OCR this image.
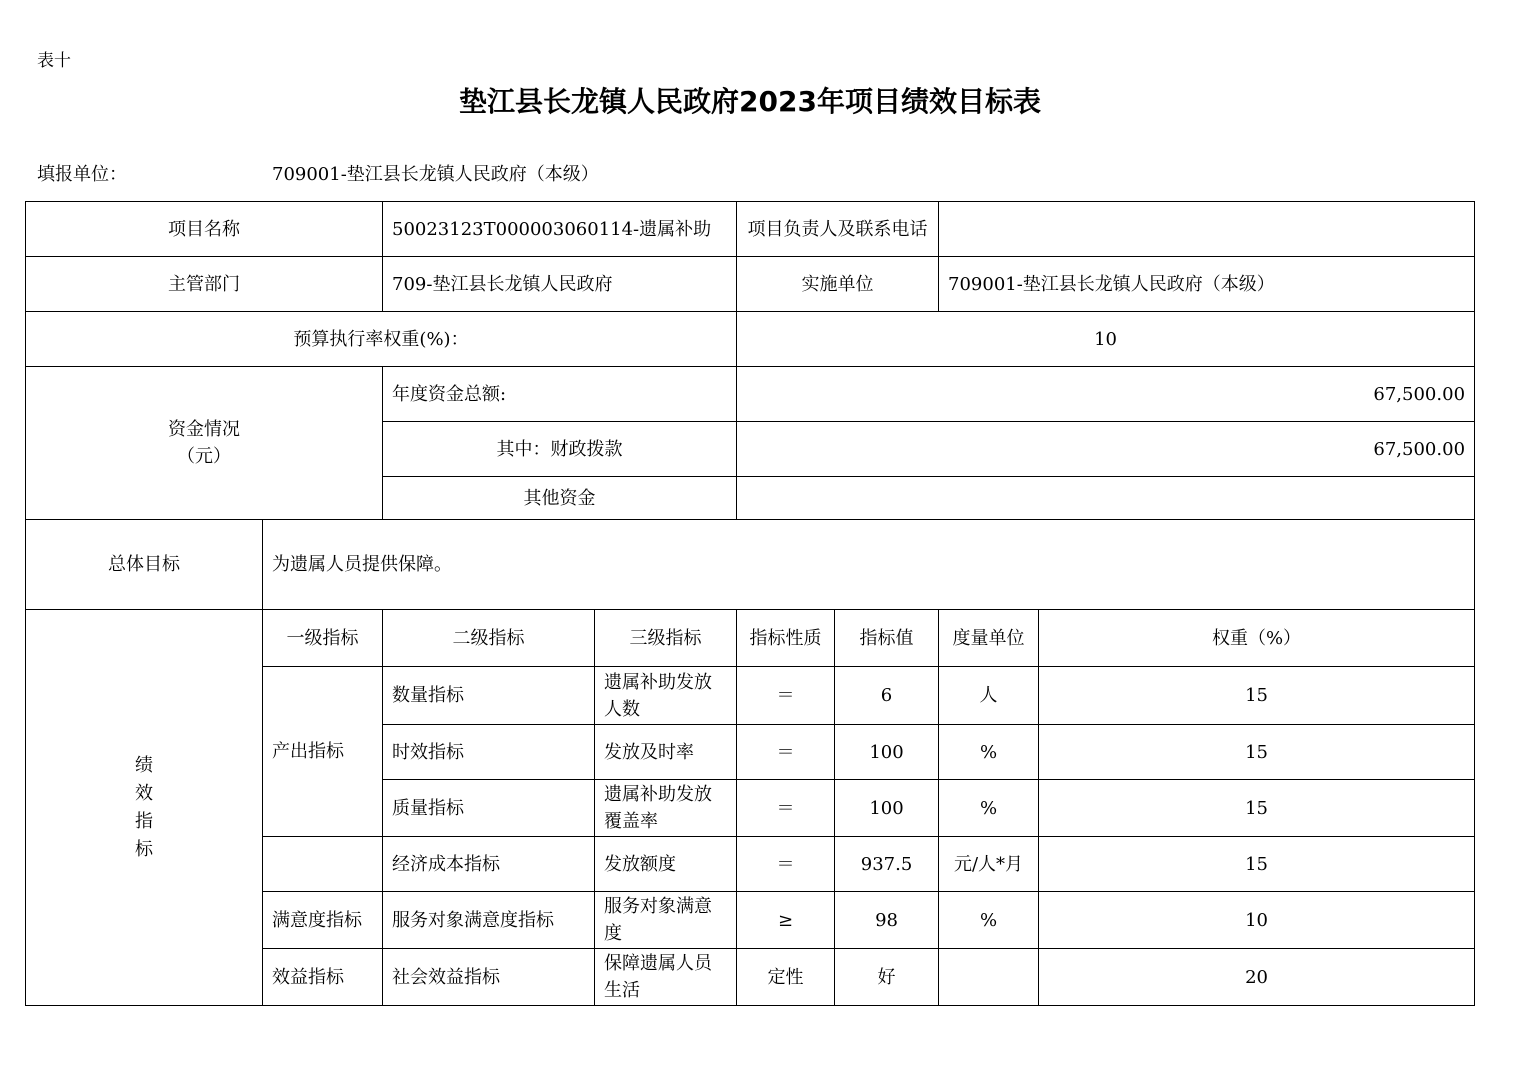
表十
垫江县长龙镇人民政府2023年项目绩效目标表
填报单位：	709001-垫江县长龙镇人民政府（本级）
项目名称		50023123T000003060114-遗属补助		项目负责人及联系电话			
主管部门		709-垫江县长龙镇人民政府		实施单位		709001-垫江县长龙镇人民政府（本级）	
预算执行率权重(%)：				10			

资金情况
（元）		年度资金总额:		67,500.00			
		其中：财政拨款		67,500.00			
		其他资金					
总体目标	为遗属人员提供保障。						
绩
效
指
标	一级指标	二级指标	三级指标	指标性质	指标值	度量单位	权重（%）
	产出指标	数量指标	遗属补助发放人数	＝	6	人	15
		时效指标	发放及时率	＝	100	%	15
		质量指标	遗属补助发放覆盖率	＝	100	%	15
		经济成本指标	发放额度	＝	937.5	元/人*月	15
	满意度指标	服务对象满意度指标	服务对象满意度	≥	98	%	10
	效益指标	社会效益指标	保障遗属人员生活	定性	好		20
